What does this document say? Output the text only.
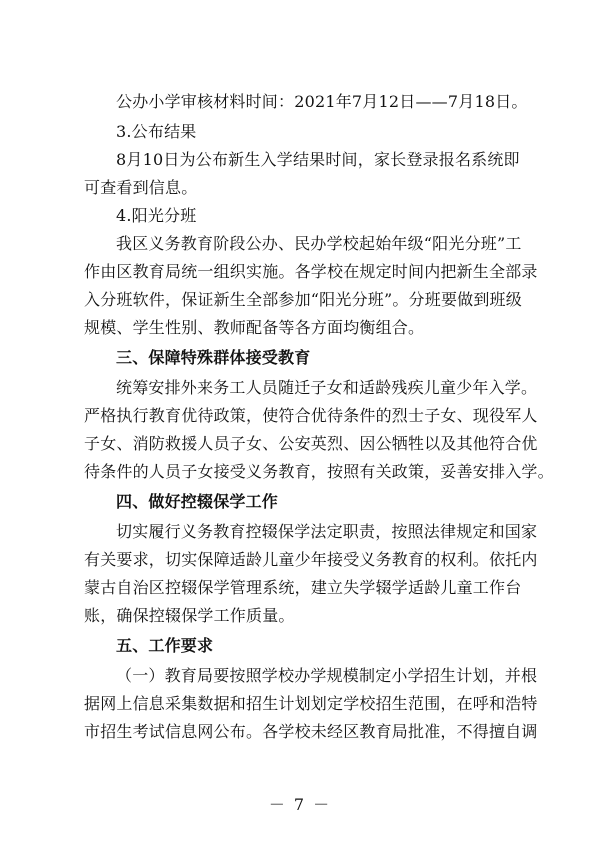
公办小学审核材料时间：2021年7月12日——7月18日。
3.公布结果
8月10日为公布新生入学结果时间，家长登录报名系统即
可查看到信息。
4.阳光分班
我区义务教育阶段公办、民办学校起始年级“阳光分班”工
作由区教育局统一组织实施。各学校在规定时间内把新生全部录
入分班软件，保证新生全部参加“阳光分班”。分班要做到班级
规模、学生性别、教师配备等各方面均衡组合。
三、保障特殊群体接受教育
统筹安排外来务工人员随迁子女和适龄残疾儿童少年入学。
严格执行教育优待政策，使符合优待条件的烈士子女、现役军人
子女、消防救援人员子女、公安英烈、因公牺牲以及其他符合优
待条件的人员子女接受义务教育，按照有关政策，妥善安排入学。
四、做好控辍保学工作
切实履行义务教育控辍保学法定职责，按照法律规定和国家
有关要求，切实保障适龄儿童少年接受义务教育的权利。依托内
蒙古自治区控辍保学管理系统，建立失学辍学适龄儿童工作台
账，确保控辍保学工作质量。
五、工作要求
（一）教育局要按照学校办学规模制定小学招生计划，并根
据网上信息采集数据和招生计划划定学校招生范围，在呼和浩特
市招生考试信息网公布。各学校未经区教育局批准，不得擅自调
－ 7 －
